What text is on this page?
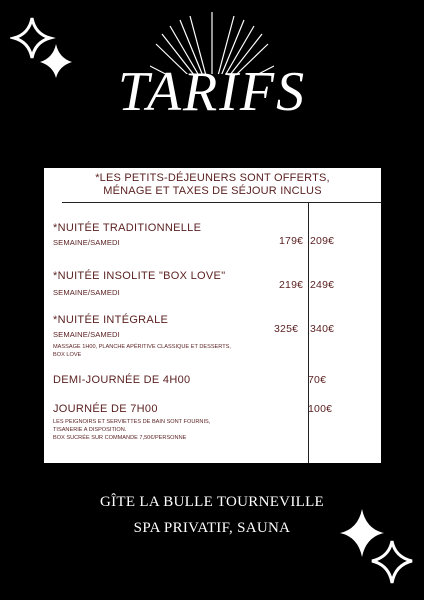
TARIFS
*LES PETITS-DÉJEUNERS SONT OFFERTS,
MÉNAGE ET TAXES DE SÉJOUR INCLUS
*NUITÉE TRADITIONNELLE
SEMAINE/SAMEDI	179€ 209€
*NUITÉE INSOLITE "BOX LOVE"
SEMAINE/SAMEDI
219€ 249€
*NUITÉE INTÉGRALE
SEMAINE/SAMEDI
MASSAGE 1H00, PLANCHE APÉRITIVE CLASSIQUE ET DESSERTS,
BOX LOVE
325€ 340€
DEMI-JOURNÉE DE 4H00	70€
JOURNÉE DE 7H00
LES PEIGNOIRS ET SERVIETTES DE BAIN SONT FOURNIS,
TISANERIE A DISPOSITION.
BOX SUCRÉE SUR COMMANDE 7,50€/PERSONNE
100€
GÎTE LA BULLE TOURNEVILLE
SPA PRIVATIF, SAUNA
